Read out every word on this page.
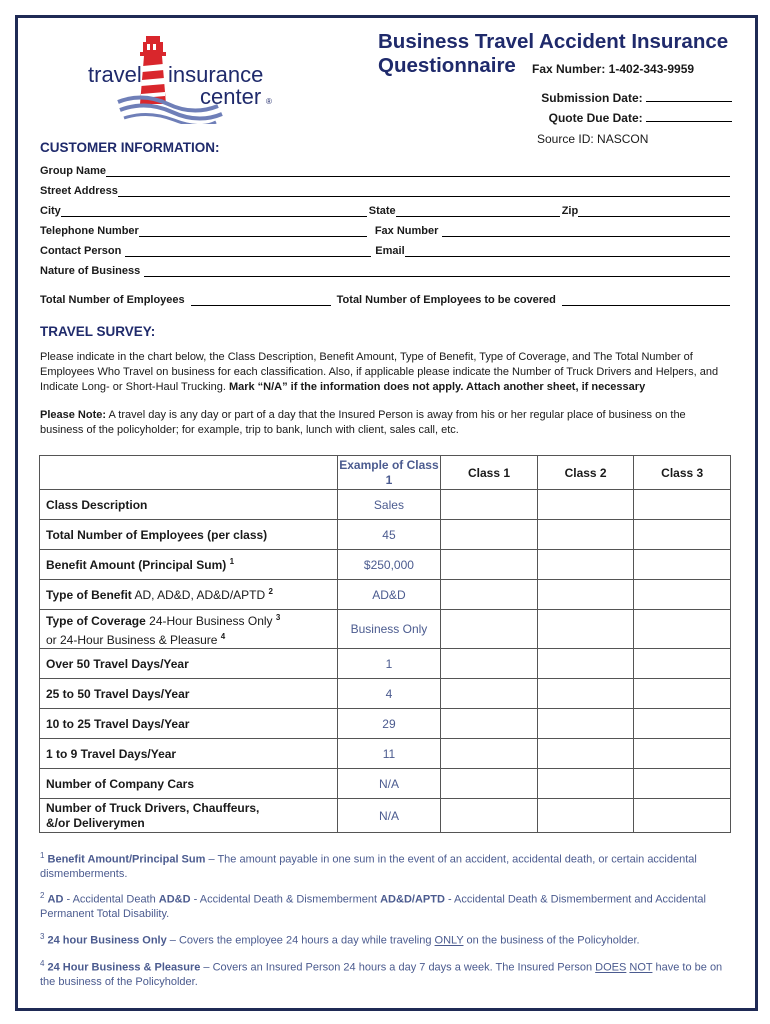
travel insurance
center ®
Business Travel Accident Insurance
Questionnaire	Fax Number: 1-402-343-9959
Submission Date:
Quote Due Date:
Source ID: NASCON
CUSTOMER INFORMATION:
Group Name
Street Address
City	State	Zip
Telephone Number	Fax Number
Contact Person	Email
Nature of Business
Total Number of Employees	Total Number of Employees to be covered
TRAVEL SURVEY:
Please indicate in the chart below, the Class Description, Benefit Amount, Type of Benefit, Type of Coverage, and The Total Number of Employees Who Travel on business for each classification. Also, if applicable please indicate the Number of Truck Drivers and Helpers, and Indicate Long- or Short-Haul Trucking. Mark “N/A” if the information does not apply. Attach another sheet, if necessary
Please Note: A travel day is any day or part of a day that the Insured Person is away from his or her regular place of business on the business of the policyholder; for example, trip to bank, lunch with client, sales call, etc.
	Example of Class 1	Class 1	Class 2	Class 3
Class Description	Sales			
Total Number of Employees (per class)	45			
Benefit Amount (Principal Sum) $^1$	$250,000			
Type of Benefit AD, AD&D, AD&D/APTD $^2$	AD&D			
Type of Coverage 24-Hour Business Only $^3$
or 24-Hour Business & Pleasure $^4$	Business Only			
Over 50 Travel Days/Year	1			
25 to 50 Travel Days/Year	4			
10 to 25 Travel Days/Year	29			
1 to 9 Travel Days/Year	11			
Number of Company Cars	N/A			
Number of Truck Drivers, Chauffeurs,
&/or Deliverymen	N/A			
$^1$ Benefit Amount/Principal Sum – The amount payable in one sum in the event of an accident, accidental death, or certain accidental dismemberments.
$^2$ AD - Accidental Death AD&D - Accidental Death & Dismemberment AD&D/APTD - Accidental Death & Dismemberment and Accidental Permanent Total Disability.
$^3$ 24 hour Business Only – Covers the employee 24 hours a day while traveling ONLY on the business of the Policyholder.
$^4$ 24 Hour Business & Pleasure – Covers an Insured Person 24 hours a day 7 days a week. The Insured Person DOES NOT have to be on the business of the Policyholder.
